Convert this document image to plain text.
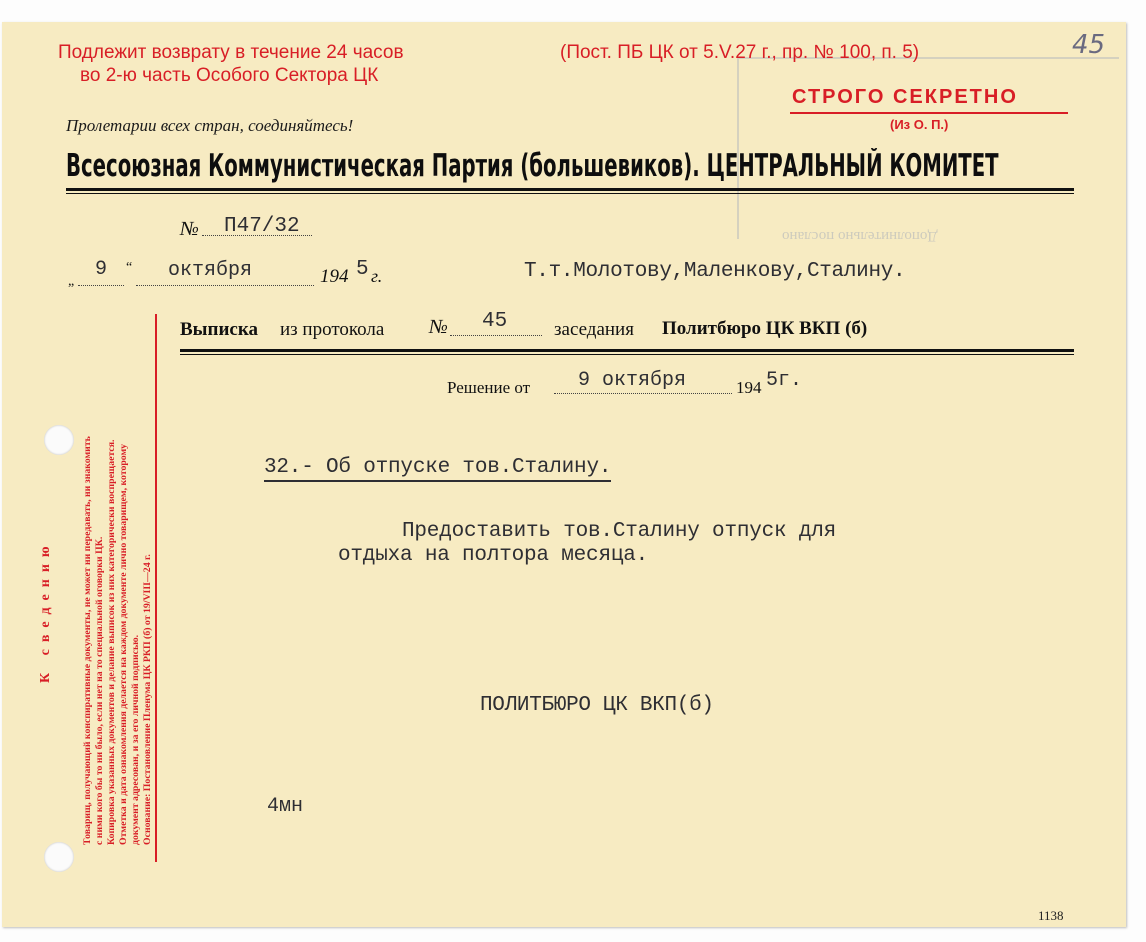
Дополнительно послано
Подлежит возврату в течение 24 часов
во 2-ю часть Особого Сектора ЦК
(Пост. ПБ ЦК от 5.V.27 г., пр. № 100, п. 5)	45
СТРОГО СЕКРЕТНО
(Из О. П.)
Пролетарии всех стран, соединяйтесь!
Всесоюзная Коммунистическая Партия (большевиков). ЦЕНТРАЛЬНЫЙ КОМИТЕТ
№ П47/32
„
9 “ октября	194 5 г.	Т.т.Молотову,Маленкову,Сталину.
К сведению	Товарищ, получающий конспиративные документы, не может ни передавать, ни знакомить с ними кого бы то ни было, если нет на то специальной оговорки ЦК. Копировка указанных документов и делание выписок из них категорически воспрещается. Отметка и дата ознакомления делается на каждом документе лично товарищем, которому документ адресован, и за его личной подписью. Основание: Постановление Пленума ЦК РКП (б) от 19/VIII—24 г.
Выписка из протокола № 45 заседания Политбюро ЦК ВКП (б)
Решение от 9 октября	194 5г.
32.- Об отпуске тов.Сталину.
Предоставить тов.Сталину отпуск для
отдыха на полтора месяца.
ПОЛИТБЮРО ЦК ВКП(б)
4мн
1138
